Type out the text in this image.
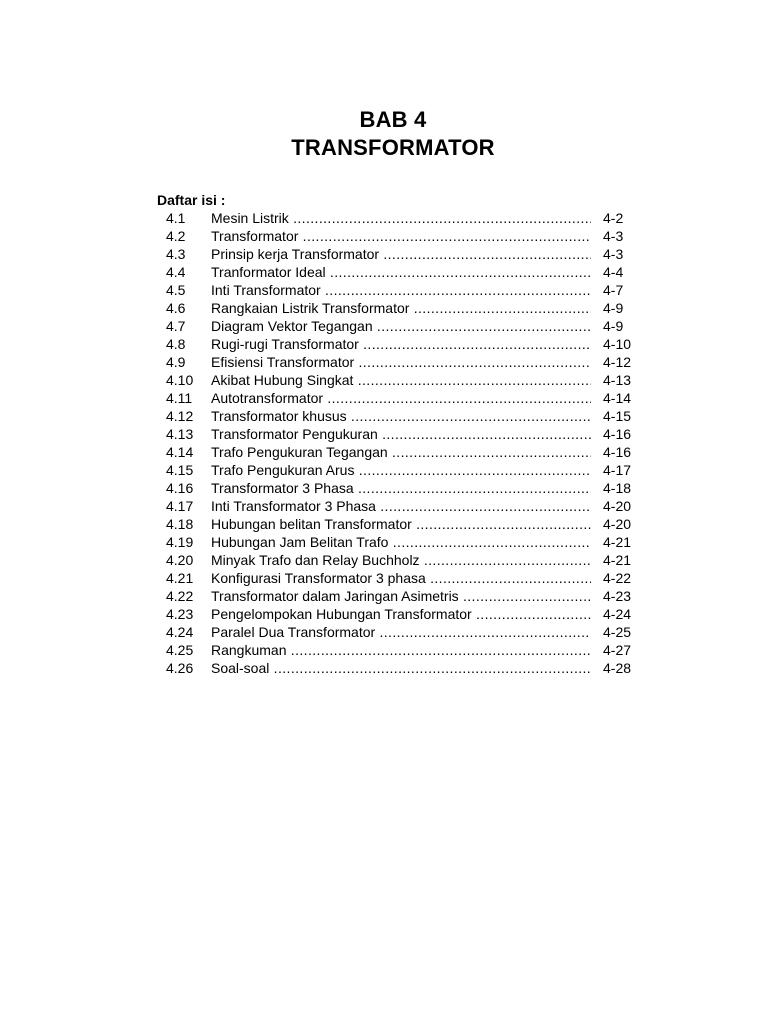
BAB 4
TRANSFORMATOR
Daftar isi :
4.1 Mesin Listrik .....	4-2
4.2 Transformator .....	4-3
4.3 Prinsip kerja Transformator .....	4-3
4.4 Tranformator Ideal .....	4-4
4.5 Inti Transformator .....	4-7
4.6 Rangkaian Listrik Transformator .....	4-9
4.7 Diagram Vektor Tegangan .....	4-9
4.8 Rugi-rugi Transformator .....	4-10
4.9 Efisiensi Transformator .....	4-12
4.10 Akibat Hubung Singkat .....	4-13
4.11 Autotransformator .....	4-14
4.12 Transformator khusus .....	4-15
4.13 Transformator Pengukuran .....	4-16
4.14 Trafo Pengukuran Tegangan .....	4-16
4.15 Trafo Pengukuran Arus .....	4-17
4.16 Transformator 3 Phasa .....	4-18
4.17 Inti Transformator 3 Phasa .....	4-20
4.18 Hubungan belitan Transformator .....	4-20
4.19 Hubungan Jam Belitan Trafo .....	4-21
4.20 Minyak Trafo dan Relay Buchholz .....	4-21
4.21 Konfigurasi Transformator 3 phasa .....	4-22
4.22 Transformator dalam Jaringan Asimetris .....	4-23
4.23 Pengelompokan Hubungan Transformator .....	4-24
4.24 Paralel Dua Transformator .....	4-25
4.25 Rangkuman .....	4-27
4.26 Soal-soal .....	4-28
